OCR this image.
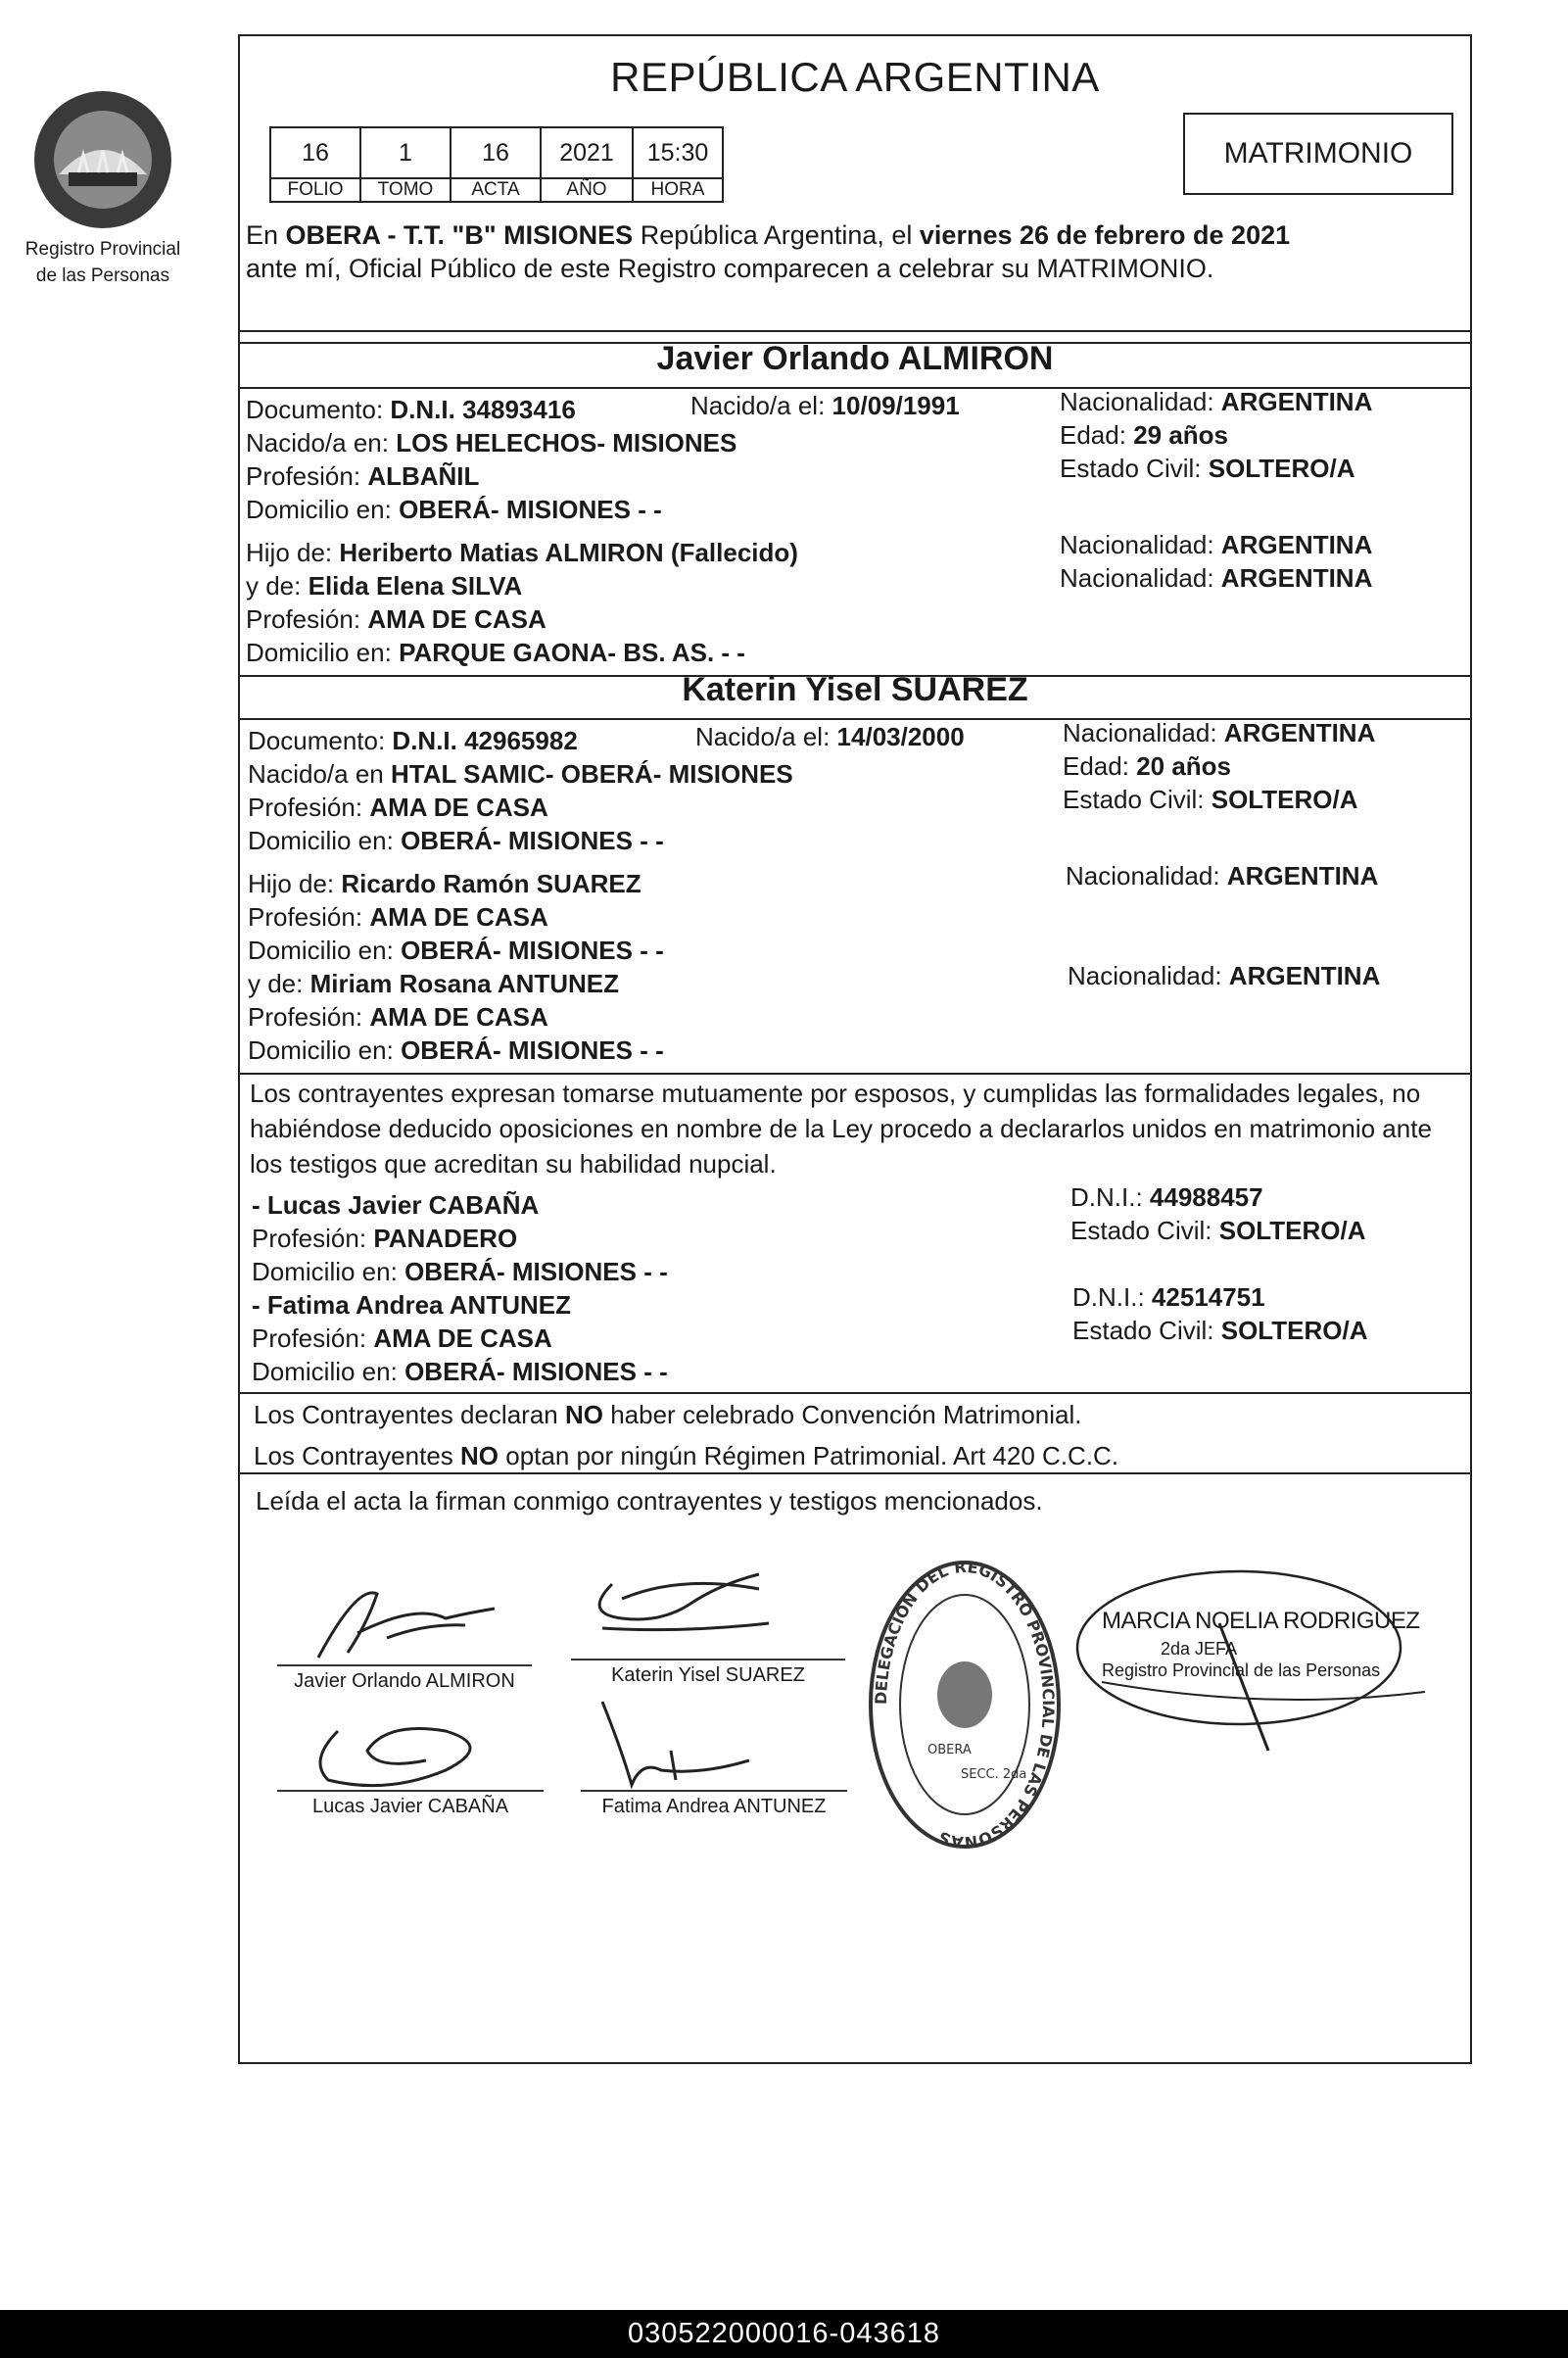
Registro Provincial
de las Personas
REPÚBLICA ARGENTINA
16	1	16	2021	15:30
FOLIO	TOMO	ACTA	AÑO	HORA
MATRIMONIO
En OBERA - T.T. "B" MISIONES República Argentina, el viernes 26 de febrero de 2021
ante mí, Oficial Público de este Registro comparecen a celebrar su MATRIMONIO.
Javier Orlando ALMIRON
Documento: D.N.I. 34893416	Nacido/a el: 10/09/1991	Nacionalidad: ARGENTINA
Nacido/a en: LOS HELECHOS- MISIONES	Edad: 29 años
Profesión: ALBAÑIL	Estado Civil: SOLTERO/A
Domicilio en: OBERÁ- MISIONES - -
Hijo de: Heriberto Matias ALMIRON (Fallecido)	Nacionalidad: ARGENTINA
y de: Elida Elena SILVA	Nacionalidad: ARGENTINA
Profesión: AMA DE CASA
Domicilio en: PARQUE GAONA- BS. AS. - -
Katerin Yisel SUAREZ
Documento: D.N.I. 42965982	Nacido/a el: 14/03/2000	Nacionalidad: ARGENTINA
Nacido/a en HTAL SAMIC- OBERÁ- MISIONES	Edad: 20 años
Profesión: AMA DE CASA	Estado Civil: SOLTERO/A
Domicilio en: OBERÁ- MISIONES - -
Hijo de: Ricardo Ramón SUAREZ	Nacionalidad: ARGENTINA
Profesión: AMA DE CASA
Domicilio en: OBERÁ- MISIONES - -
y de: Miriam Rosana ANTUNEZ	Nacionalidad: ARGENTINA
Profesión: AMA DE CASA
Domicilio en: OBERÁ- MISIONES - -
Los contrayentes expresan tomarse mutuamente por esposos, y cumplidas las formalidades legales, no
habiéndose deducido oposiciones en nombre de la Ley procedo a declararlos unidos en matrimonio ante
los testigos que acreditan su habilidad nupcial.
- Lucas Javier CABAÑA	D.N.I.: 44988457
Profesión: PANADERO	Estado Civil: SOLTERO/A
Domicilio en: OBERÁ- MISIONES - -
- Fatima Andrea ANTUNEZ	D.N.I.: 42514751
Profesión: AMA DE CASA	Estado Civil: SOLTERO/A
Domicilio en: OBERÁ- MISIONES - -
Los Contrayentes declaran NO haber celebrado Convención Matrimonial.
Los Contrayentes NO optan por ningún Régimen Patrimonial. Art 420 C.C.C.
Leída el acta la firman conmigo contrayentes y testigos mencionados.
Javier Orlando ALMIRON	Katerin Yisel SUAREZ
Lucas Javier CABAÑA	Fatima Andrea ANTUNEZ
DELEGACION DEL REGISTRO PROVINCIAL DE LAS PERSONAS
OBERA
SECC. 2da
MARCIA NOELIA RODRIGUEZ
2da JEFA
Registro Provincial de las Personas
030522000016-043618
